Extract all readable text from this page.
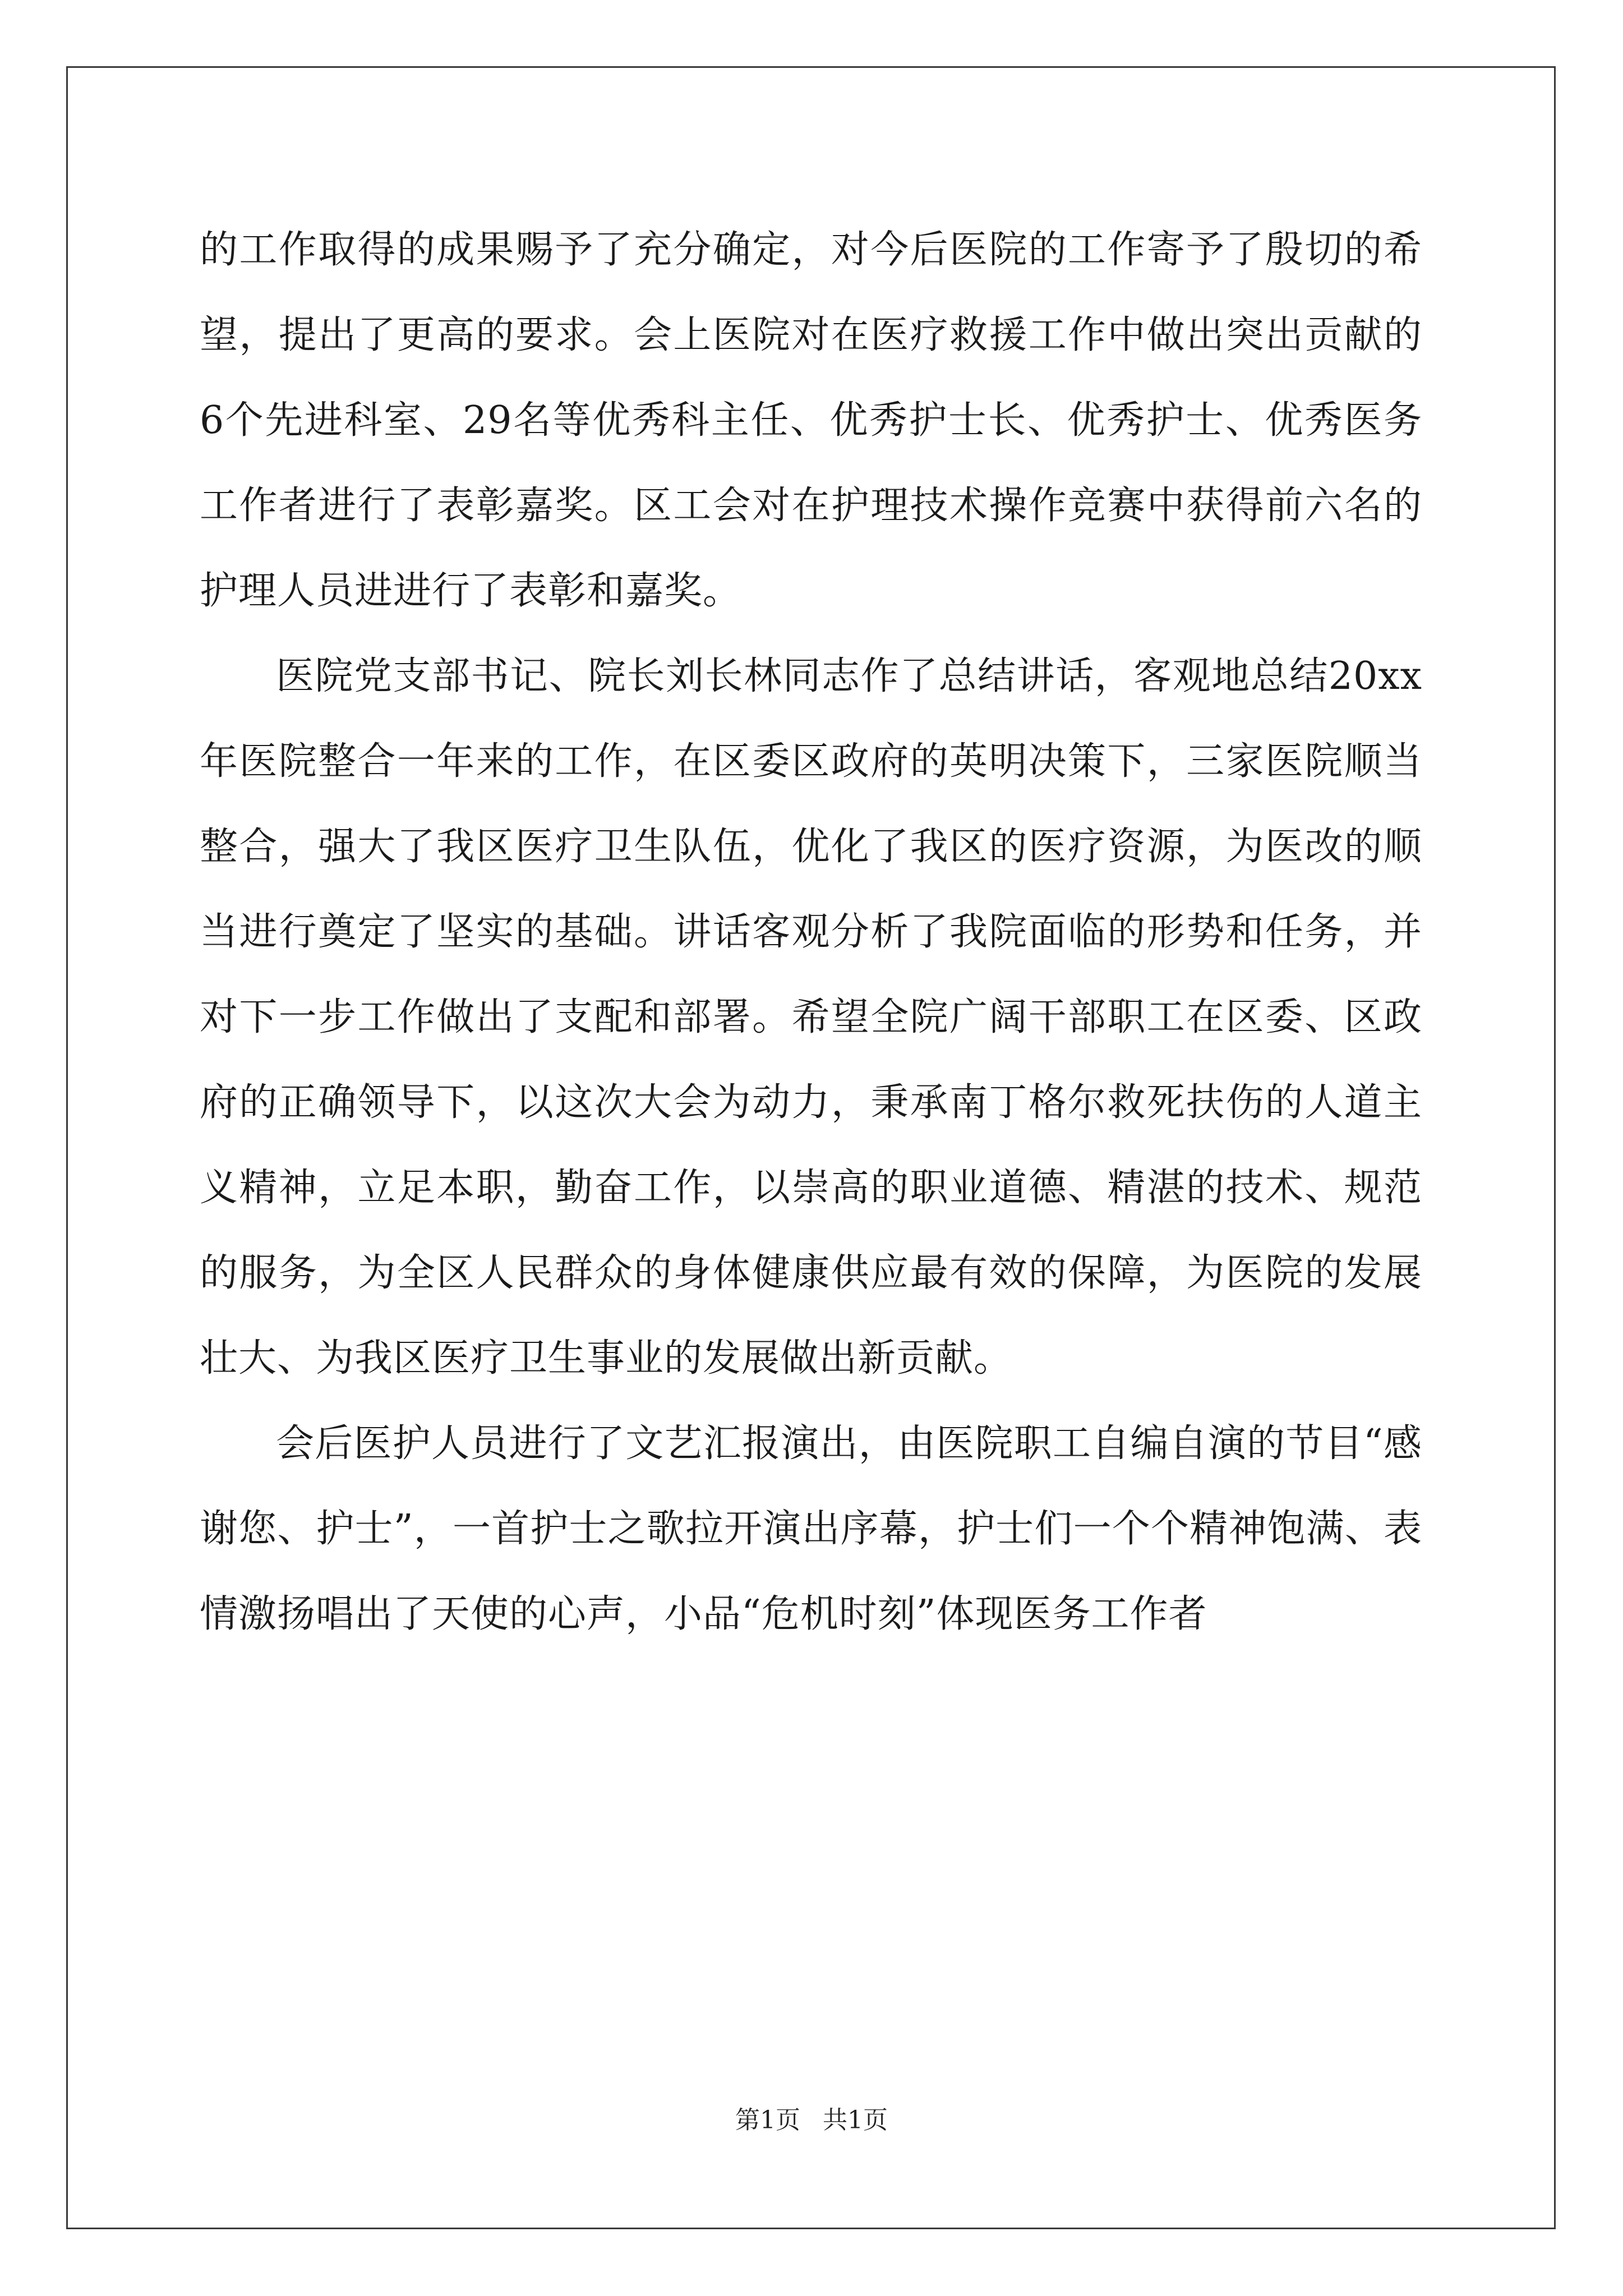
的工作取得的成果赐予了充分确定，对今后医院的工作寄予了殷切的希望，提出了更高的要求。会上医院对在医疗救援工作中做出突出贡献的6个先进科室、29名等优秀科主任、优秀护士长、优秀护士、优秀医务工作者进行了表彰嘉奖。区工会对在护理技术操作竞赛中获得前六名的护理人员进进行了表彰和嘉奖。

医院党支部书记、院长刘长林同志作了总结讲话，客观地总结20xx年医院整合一年来的工作，在区委区政府的英明决策下，三家医院顺当整合，强大了我区医疗卫生队伍，优化了我区的医疗资源，为医改的顺当进行奠定了坚实的基础。讲话客观分析了我院面临的形势和任务，并对下一步工作做出了支配和部署。希望全院广阔干部职工在区委、区政府的正确领导下，以这次大会为动力，秉承南丁格尔救死扶伤的人道主义精神，立足本职，勤奋工作，以崇高的职业道德、精湛的技术、规范的服务，为全区人民群众的身体健康供应最有效的保障，为医院的发展壮大、为我区医疗卫生事业的发展做出新贡献。

会后医护人员进行了文艺汇报演出，由医院职工自编自演的节目“感谢您、护士”，一首护士之歌拉开演出序幕，护士们一个个精神饱满、表情激扬唱出了天使的心声，小品“危机时刻”体现医务工作者

第1页 共1页
